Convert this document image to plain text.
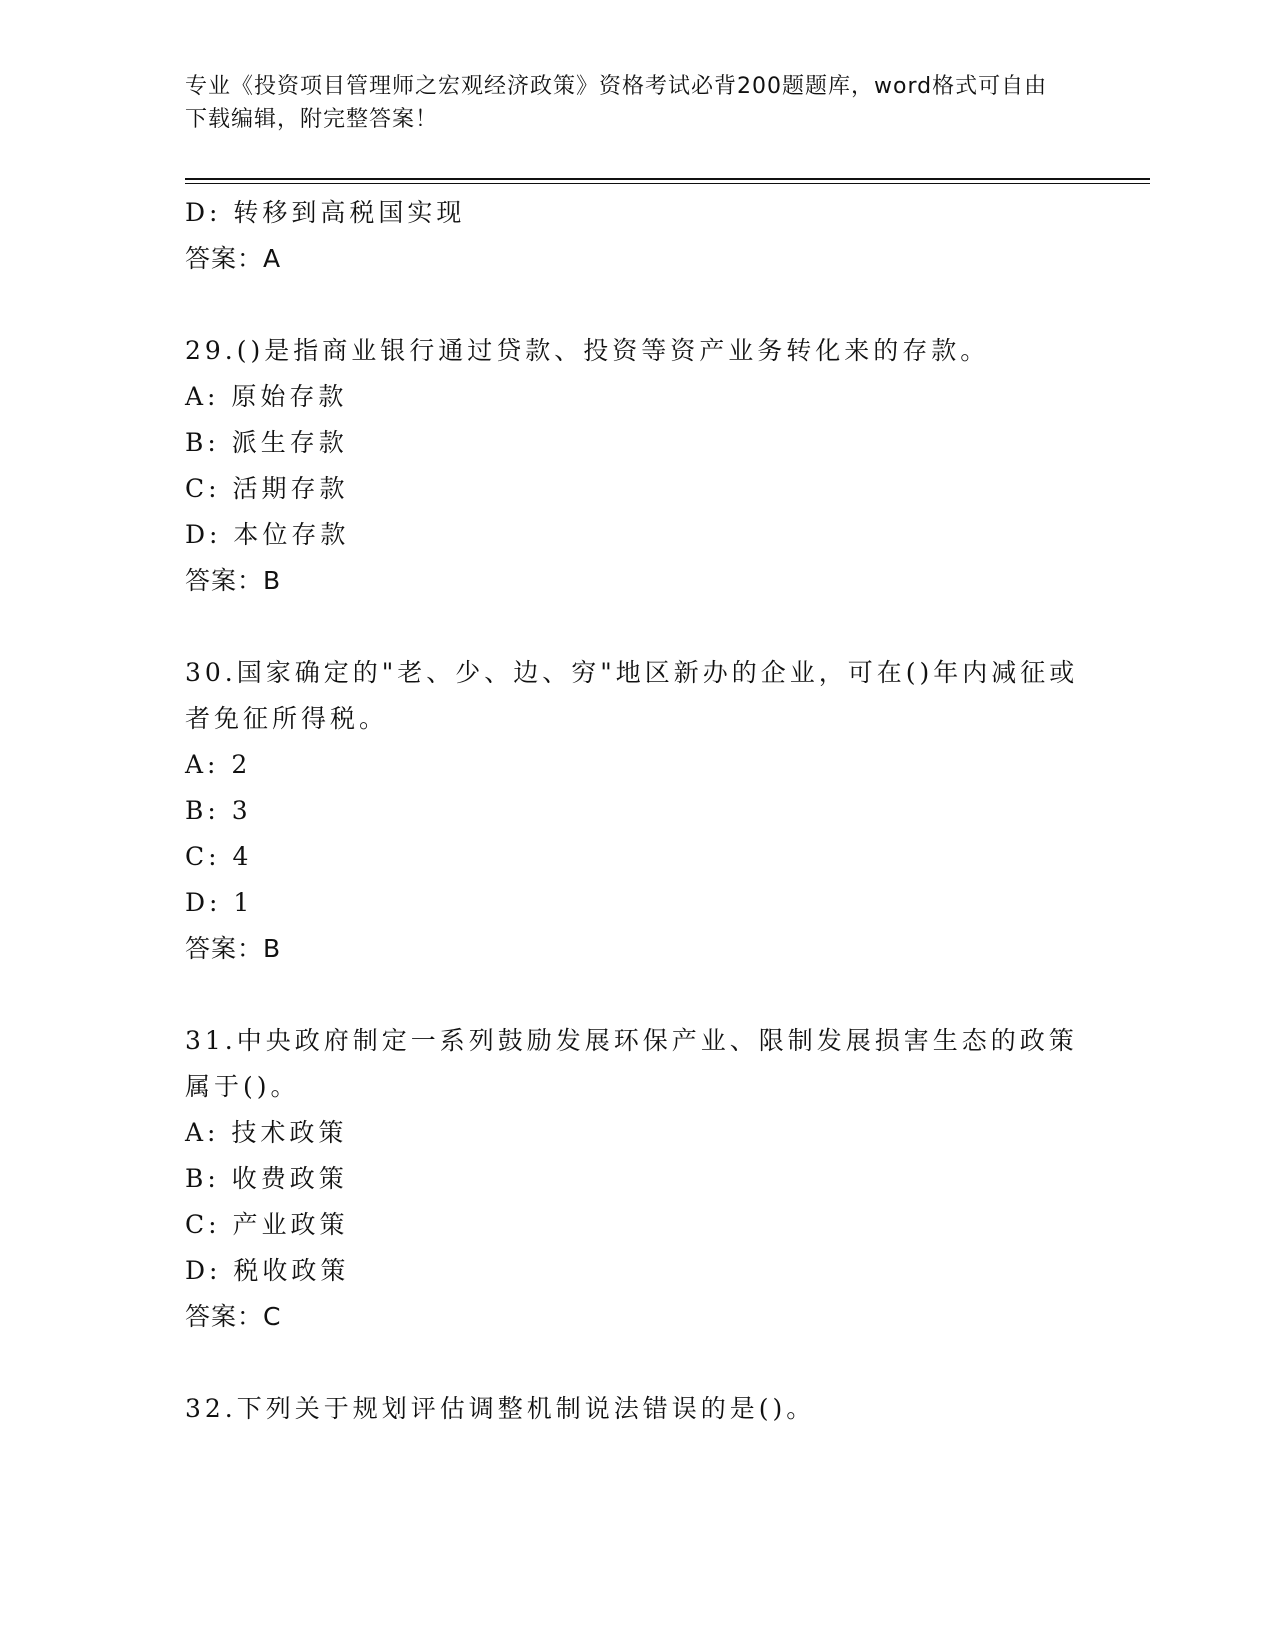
专业《投资项目管理师之宏观经济政策》资格考试必背200题题库，word格式可自由下载编辑，附完整答案！
D: 转移到高税国实现
答案：A
29.()是指商业银行通过贷款、投资等资产业务转化来的存款。
A: 原始存款
B: 派生存款
C: 活期存款
D: 本位存款
答案：B
30.国家确定的"老、少、边、穷"地区新办的企业，可在()年内减征或者免征所得税。
A: 2
B: 3
C: 4
D: 1
答案：B
31.中央政府制定一系列鼓励发展环保产业、限制发展损害生态的政策属于()。
A: 技术政策
B: 收费政策
C: 产业政策
D: 税收政策
答案：C
32.下列关于规划评估调整机制说法错误的是()。
